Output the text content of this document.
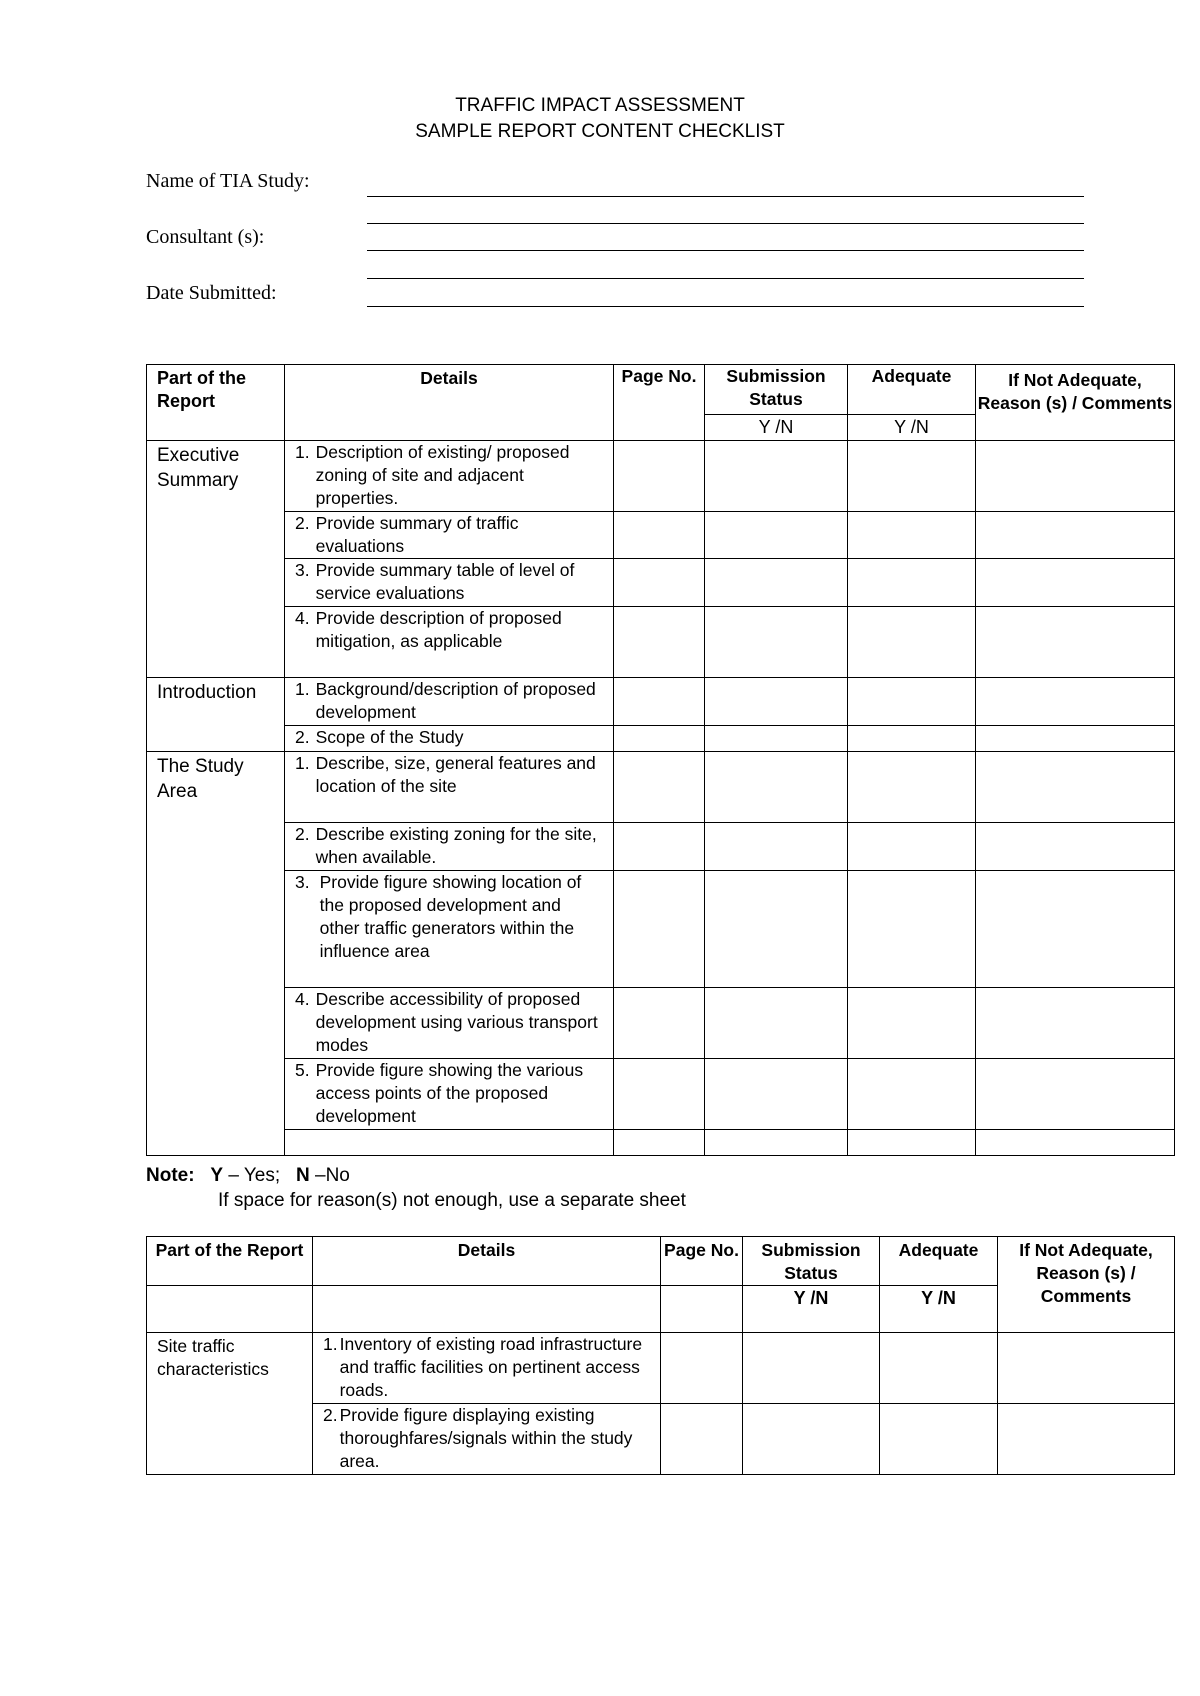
TRAFFIC IMPACT ASSESSMENT
SAMPLE REPORT CONTENT CHECKLIST
Name of TIA Study:
Consultant (s):
Date Submitted:
Part of the Report	Details	Page No.	Submission Status	Adequate	If Not Adequate, Reason (s) / Comments
			Y /N	Y /N	
Executive Summary	1. Description of existing/ proposed zoning of site and adjacent properties.				

	2. Provide summary of traffic evaluations				

	3. Provide summary table of level of service evaluations				

	4. Provide description of proposed mitigation, as applicable				

Introduction	1. Background/description of proposed development				

	2. Scope of the Study				

The Study Area	1. Describe, size, general features and location of the site				

	2. Describe existing zoning for the site, when available.				

	3. Provide figure showing location of the proposed development and other traffic generators within the influence area				

	4. Describe accessibility of proposed development using various transport modes				

	5. Provide figure showing the various access points of the proposed development				

Note: Y – Yes; N –No
If space for reason(s) not enough, use a separate sheet
Part of the Report	Details	Page No.	Submission Status	Adequate	If Not Adequate, Reason (s) / Comments
			Y /N	Y /N	
Site traffic characteristics	1. Inventory of existing road infrastructure and traffic facilities on pertinent access roads.				

	2. Provide figure displaying existing thoroughfares/signals within the study area.				
